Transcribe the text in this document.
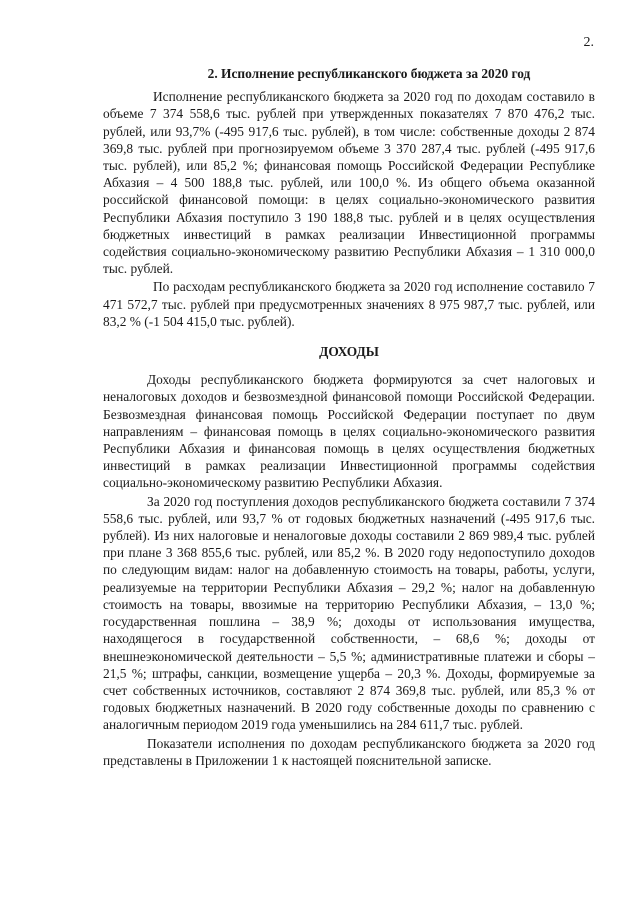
2.
2. Исполнение республиканского бюджета за 2020 год

Исполнение республиканского бюджета за 2020 год по доходам составило в объеме 7 374 558,6 тыс. рублей при утвержденных показателях 7 870 476,2 тыс. рублей, или 93,7% (-495 917,6 тыс. рублей), в том числе: собственные доходы 2 874 369,8 тыс. рублей при прогнозируемом объеме 3 370 287,4 тыс. рублей (-495 917,6 тыс. рублей), или 85,2 %; финансовая помощь Российской Федерации Республике Абхазия – 4 500 188,8 тыс. рублей, или 100,0 %. Из общего объема оказанной российской финансовой помощи: в целях социально-экономического развития Республики Абхазия поступило 3 190 188,8 тыс. рублей и в целях осуществления бюджетных инвестиций в рамках реализации Инвестиционной программы содействия социально-экономическому развитию Республики Абхазия – 1 310 000,0 тыс. рублей.

По расходам республиканского бюджета за 2020 год исполнение составило 7 471 572,7 тыс. рублей при предусмотренных значениях 8 975 987,7 тыс. рублей, или 83,2 % (-1 504 415,0 тыс. рублей).

ДОХОДЫ

Доходы республиканского бюджета формируются за счет налоговых и неналоговых доходов и безвозмездной финансовой помощи Российской Федерации. Безвозмездная финансовая помощь Российской Федерации поступает по двум направлениям – финансовая помощь в целях социально-экономического развития Республики Абхазия и финансовая помощь в целях осуществления бюджетных инвестиций в рамках реализации Инвестиционной программы содействия социально-экономическому развитию Республики Абхазия.

За 2020 год поступления доходов республиканского бюджета составили 7 374 558,6 тыс. рублей, или 93,7 % от годовых бюджетных назначений (-495 917,6 тыс. рублей). Из них налоговые и неналоговые доходы составили 2 869 989,4 тыс. рублей при плане 3 368 855,6 тыс. рублей, или 85,2 %. В 2020 году недопоступило доходов по следующим видам: налог на добавленную стоимость на товары, работы, услуги, реализуемые на территории Республики Абхазия – 29,2 %; налог на добавленную стоимость на товары, ввозимые на территорию Республики Абхазия, – 13,0 %; государственная пошлина – 38,9 %; доходы от использования имущества, находящегося в государственной собственности, – 68,6 %; доходы от внешнеэкономической деятельности – 5,5 %; административные платежи и сборы – 21,5 %; штрафы, санкции, возмещение ущерба – 20,3 %. Доходы, формируемые за счет собственных источников, составляют 2 874 369,8 тыс. рублей, или 85,3 % от годовых бюджетных назначений. В 2020 году собственные доходы по сравнению с аналогичным периодом 2019 года уменьшились на 284 611,7 тыс. рублей.

Показатели исполнения по доходам республиканского бюджета за 2020 год представлены в Приложении 1 к настоящей пояснительной записке.
